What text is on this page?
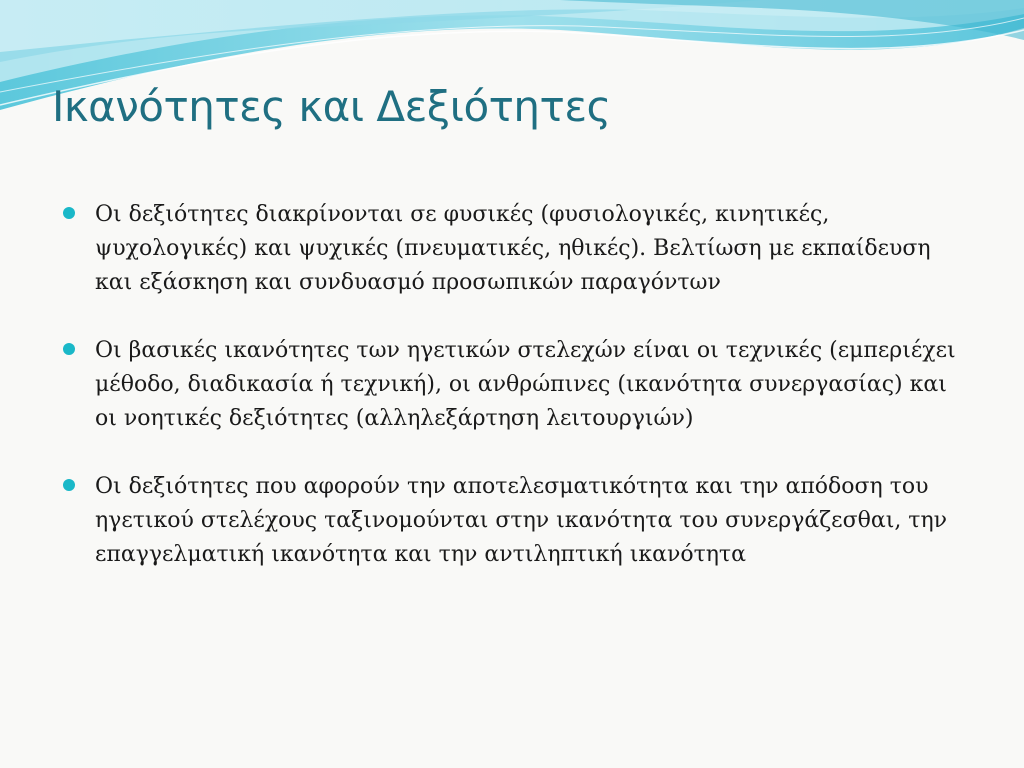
Ικανότητες και Δεξιότητες
Οι δεξιότητες διακρίνονται σε φυσικές (φυσιολογικές, κινητικές, ψυχολογικές) και ψυχικές (πνευματικές, ηθικές). Βελτίωση με εκπαίδευση και εξάσκηση και συνδυασμό προσωπικών παραγόντων
Οι βασικές ικανότητες των ηγετικών στελεχών είναι οι τεχνικές (εμπεριέχει μέθοδο, διαδικασία ή τεχνική), οι ανθρώπινες (ικανότητα συνεργασίας) και οι νοητικές δεξιότητες (αλληλεξάρτηση λειτουργιών)
Οι δεξιότητες που αφορούν την αποτελεσματικότητα και την απόδοση του ηγετικού στελέχους ταξινομούνται στην ικανότητα του συνεργάζεσθαι, την επαγγελματική ικανότητα και την αντιληπτική ικανότητα
